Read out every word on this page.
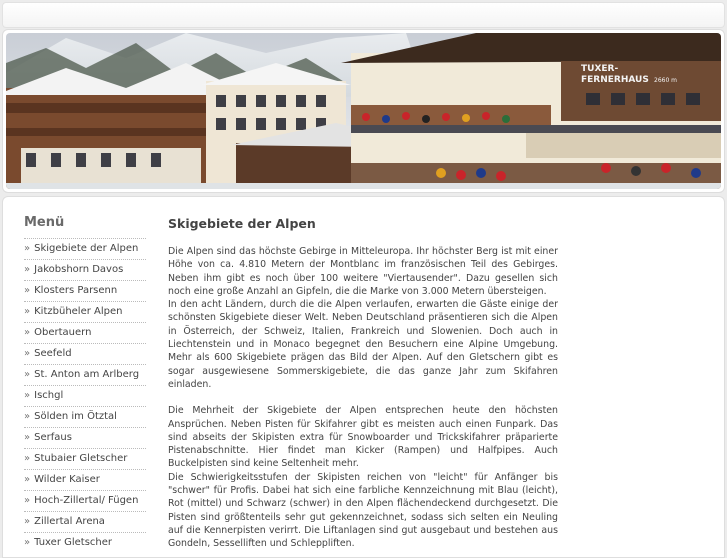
TUXER-
FERNERHAUS 2660 m
Menü
» Skigebiete der Alpen
» Jakobshorn Davos
» Klosters Parsenn
» Kitzbüheler Alpen
» Obertauern
» Seefeld
» St. Anton am Arlberg
» Ischgl
» Sölden im Ötztal
» Serfaus
» Stubaier Gletscher
» Wilder Kaiser
» Hoch-Zillertal/ Fügen
» Zillertal Arena
» Tuxer Gletscher
Skigebiete der Alpen

Die Alpen sind das höchste Gebirge in Mitteleuropa. Ihr höchster Berg ist mit einer Höhe von ca. 4.810 Metern der Montblanc im französischen Teil des Gebirges. Neben ihm gibt es noch über 100 weitere "Viertausender". Dazu gesellen sich noch eine große Anzahl an Gipfeln, die die Marke von 3.000 Metern übersteigen.

In den acht Ländern, durch die die Alpen verlaufen, erwarten die Gäste einige der schönsten Skigebiete dieser Welt. Neben Deutschland präsentieren sich die Alpen in Österreich, der Schweiz, Italien, Frankreich und Slowenien. Doch auch in Liechtenstein und in Monaco begegnet den Besuchern eine Alpine Umgebung. Mehr als 600 Skigebiete prägen das Bild der Alpen. Auf den Gletschern gibt es sogar ausgewiesene Sommerskigebiete, die das ganze Jahr zum Skifahren einladen.

Die Mehrheit der Skigebiete der Alpen entsprechen heute den höchsten Ansprüchen. Neben Pisten für Skifahrer gibt es meisten auch einen Funpark. Das sind abseits der Skipisten extra für Snowboarder und Trickskifahrer präparierte Pistenabschnitte. Hier findet man Kicker (Rampen) und Halfpipes. Auch Buckelpisten sind keine Seltenheit mehr.

Die Schwierigkeitsstufen der Skipisten reichen von "leicht" für Anfänger bis "schwer" für Profis. Dabei hat sich eine farbliche Kennzeichnung mit Blau (leicht), Rot (mittel) und Schwarz (schwer) in den Alpen flächendeckend durchgesetzt. Die Pisten sind größtenteils sehr gut gekennzeichnet, sodass sich selten ein Neuling auf die Kennerpisten verirrt. Die Liftanlagen sind gut ausgebaut und bestehen aus Gondeln, Sesselliften und Schleppliften.
